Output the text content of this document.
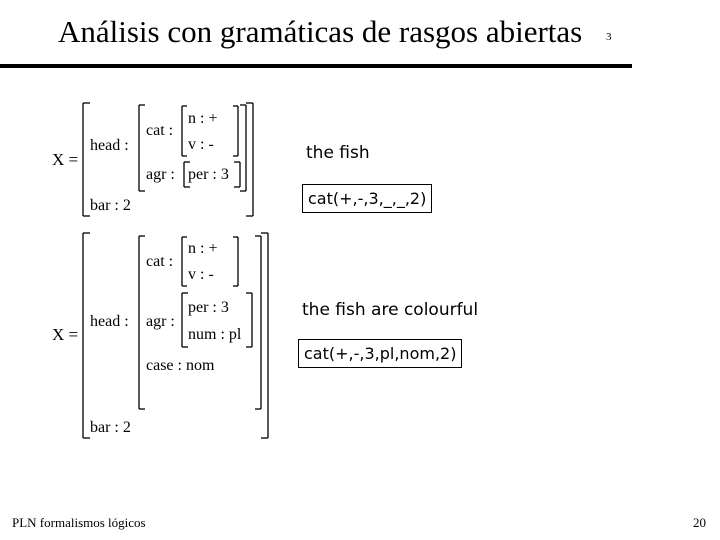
Análisis con gramáticas de rasgos abiertas 3
X =
head :
cat :
n : +
v : -
agr : per : 3
bar : 2
X =
head :
cat :
n : +
v : -
agr :
per : 3
num : pl
case : nom
bar : 2
the fish
cat(+,-,3,_,_,2)
the fish are colourful
cat(+,-,3,pl,nom,2)
PLN formalismos lógicos	20
